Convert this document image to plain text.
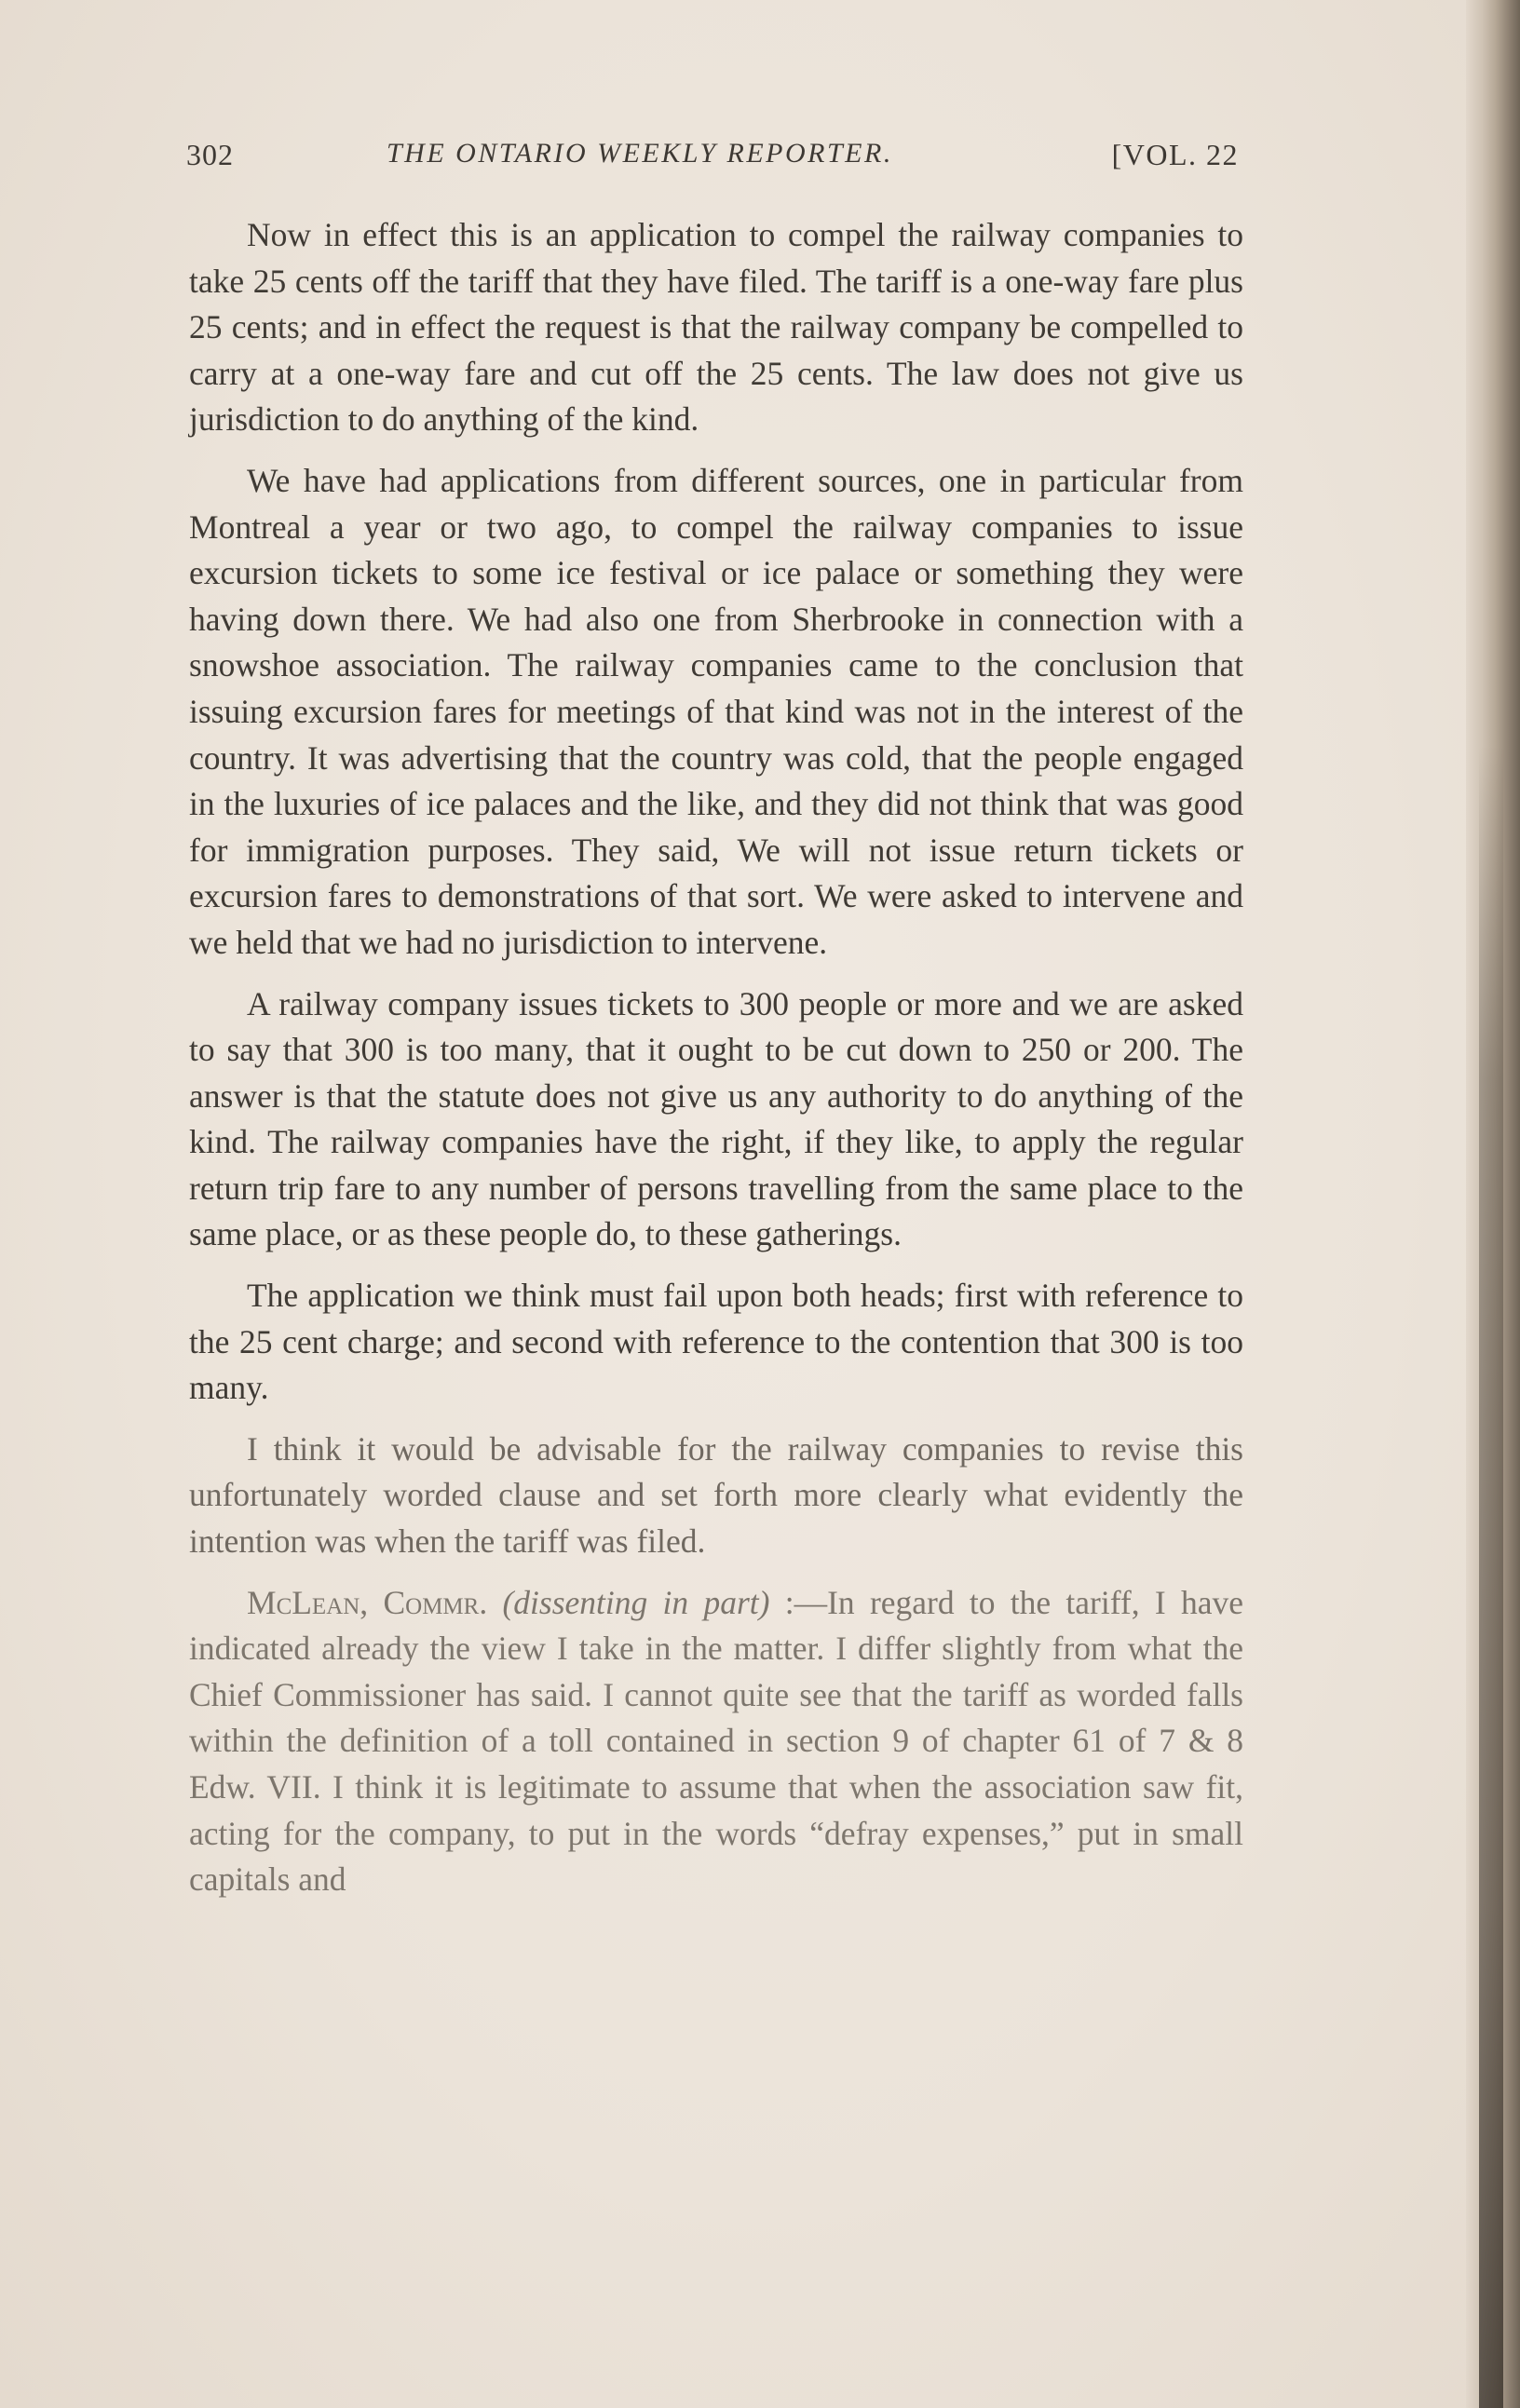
302	THE ONTARIO WEEKLY REPORTER.	[VOL. 22

Now in effect this is an application to compel the railway companies to take 25 cents off the tariff that they have filed. The tariff is a one-way fare plus 25 cents; and in effect the request is that the railway company be compelled to carry at a one-way fare and cut off the 25 cents. The law does not give us jurisdiction to do anything of the kind.

We have had applications from different sources, one in particular from Montreal a year or two ago, to compel the railway companies to issue excursion tickets to some ice festival or ice palace or something they were having down there. We had also one from Sherbrooke in connection with a snowshoe association. The railway companies came to the conclusion that issuing excursion fares for meetings of that kind was not in the interest of the country. It was advertising that the country was cold, that the people engaged in the luxuries of ice palaces and the like, and they did not think that was good for immigration purposes. They said, We will not issue return tickets or excursion fares to demonstrations of that sort. We were asked to intervene and we held that we had no jurisdiction to intervene.

A railway company issues tickets to 300 people or more and we are asked to say that 300 is too many, that it ought to be cut down to 250 or 200. The answer is that the statute does not give us any authority to do anything of the kind. The railway companies have the right, if they like, to apply the regular return trip fare to any number of persons travelling from the same place to the same place, or as these people do, to these gatherings.

The application we think must fail upon both heads; first with reference to the 25 cent charge; and second with reference to the contention that 300 is too many.

I think it would be advisable for the railway companies to revise this unfortunately worded clause and set forth more clearly what evidently the intention was when the tariff was filed.

McLean, Commr. (dissenting in part) :—In regard to the tariff, I have indicated already the view I take in the matter. I differ slightly from what the Chief Commissioner has said. I cannot quite see that the tariff as worded falls within the definition of a toll contained in section 9 of chapter 61 of 7 & 8 Edw. VII. I think it is legitimate to assume that when the association saw fit, acting for the company, to put in the words “defray expenses,” put in small capitals and
